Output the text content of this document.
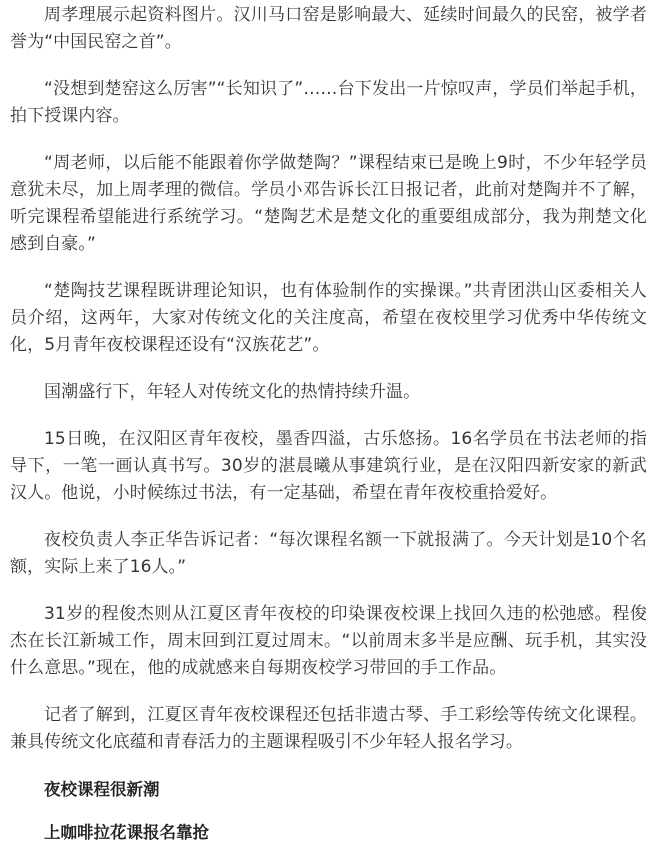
周孝理展示起资料图片。汉川马口窑是影响最大、延续时间最久的民窑，被学者誉为“中国民窑之首”。

“没想到楚窑这么厉害”“长知识了”……台下发出一片惊叹声，学员们举起手机，拍下授课内容。

“周老师，以后能不能跟着你学做楚陶？”课程结束已是晚上9时，不少年轻学员意犹未尽，加上周孝理的微信。学员小邓告诉长江日报记者，此前对楚陶并不了解，听完课程希望能进行系统学习。“楚陶艺术是楚文化的重要组成部分，我为荆楚文化感到自豪。”

“楚陶技艺课程既讲理论知识，也有体验制作的实操课。”共青团洪山区委相关人员介绍，这两年，大家对传统文化的关注度高，希望在夜校里学习优秀中华传统文化，5月青年夜校课程还设有“汉族花艺”。

国潮盛行下，年轻人对传统文化的热情持续升温。

15日晚，在汉阳区青年夜校，墨香四溢，古乐悠扬。16名学员在书法老师的指导下，一笔一画认真书写。30岁的湛晨曦从事建筑行业，是在汉阳四新安家的新武汉人。他说，小时候练过书法，有一定基础，希望在青年夜校重拾爱好。

夜校负责人李正华告诉记者：“每次课程名额一下就报满了。今天计划是10个名额，实际上来了16人。”

31岁的程俊杰则从江夏区青年夜校的印染课夜校课上找回久违的松弛感。程俊杰在长江新城工作，周末回到江夏过周末。“以前周末多半是应酬、玩手机，其实没什么意思。”现在，他的成就感来自每期夜校学习带回的手工作品。

记者了解到，江夏区青年夜校课程还包括非遗古琴、手工彩绘等传统文化课程。兼具传统文化底蕴和青春活力的主题课程吸引不少年轻人报名学习。

夜校课程很新潮

上咖啡拉花课报名靠抢
